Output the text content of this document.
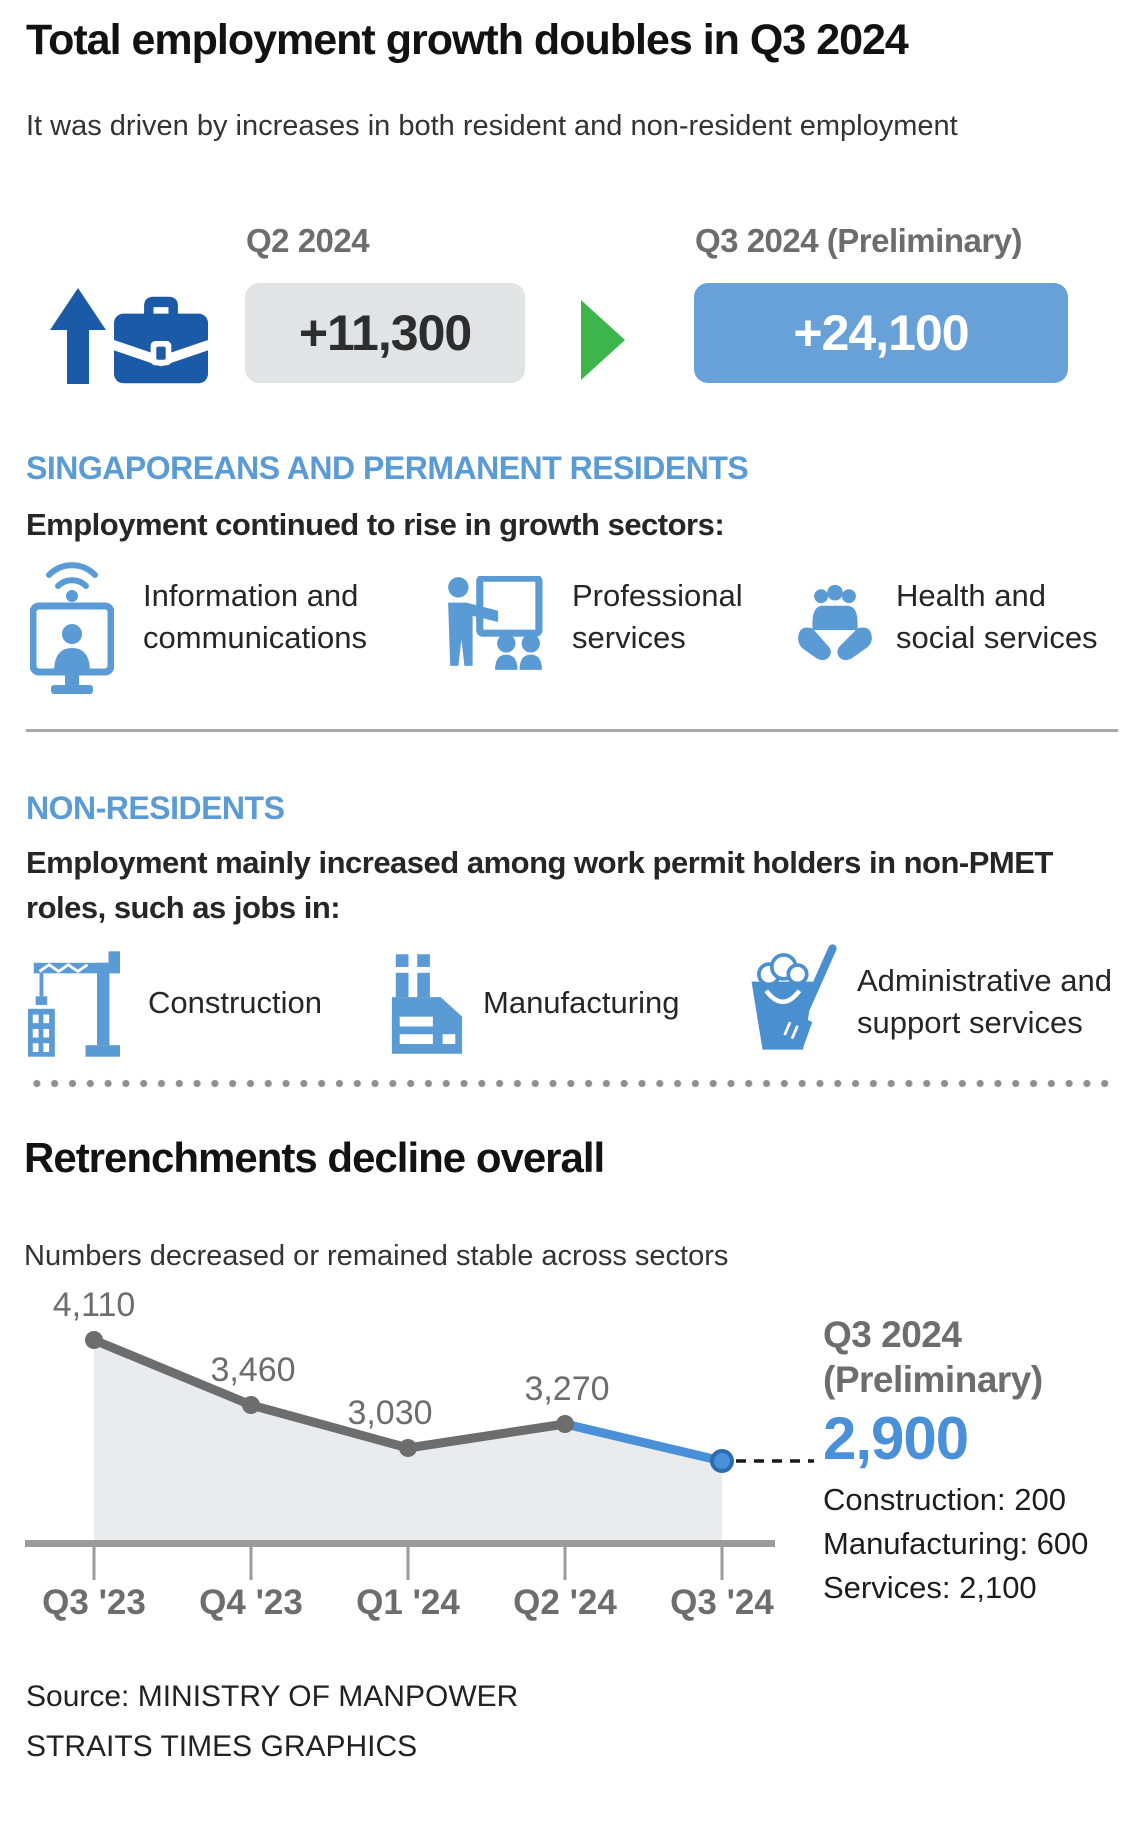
Total employment growth doubles in Q3 2024
It was driven by increases in both resident and non-resident employment
Q2 2024
+11,300
Q3 2024 (Preliminary)
+24,100
SINGAPOREANS AND PERMANENT RESIDENTS
Employment continued to rise in growth sectors:
Information and communications
Professional services
Health and social services
NON-RESIDENTS
Employment mainly increased among work permit holders in non-PMET roles, such as jobs in:
Construction	Manufacturing
Administrative and support services
Retrenchments decline overall
Numbers decreased or remained stable across sectors
4,110
3,460
3,030
3,270
Q3 '23 Q4 '23 Q1 '24 Q2 '24 Q3 '24
Q3 2024
(Preliminary)
2,900
Construction: 200
Manufacturing: 600
Services: 2,100
Source: MINISTRY OF MANPOWER
STRAITS TIMES GRAPHICS
